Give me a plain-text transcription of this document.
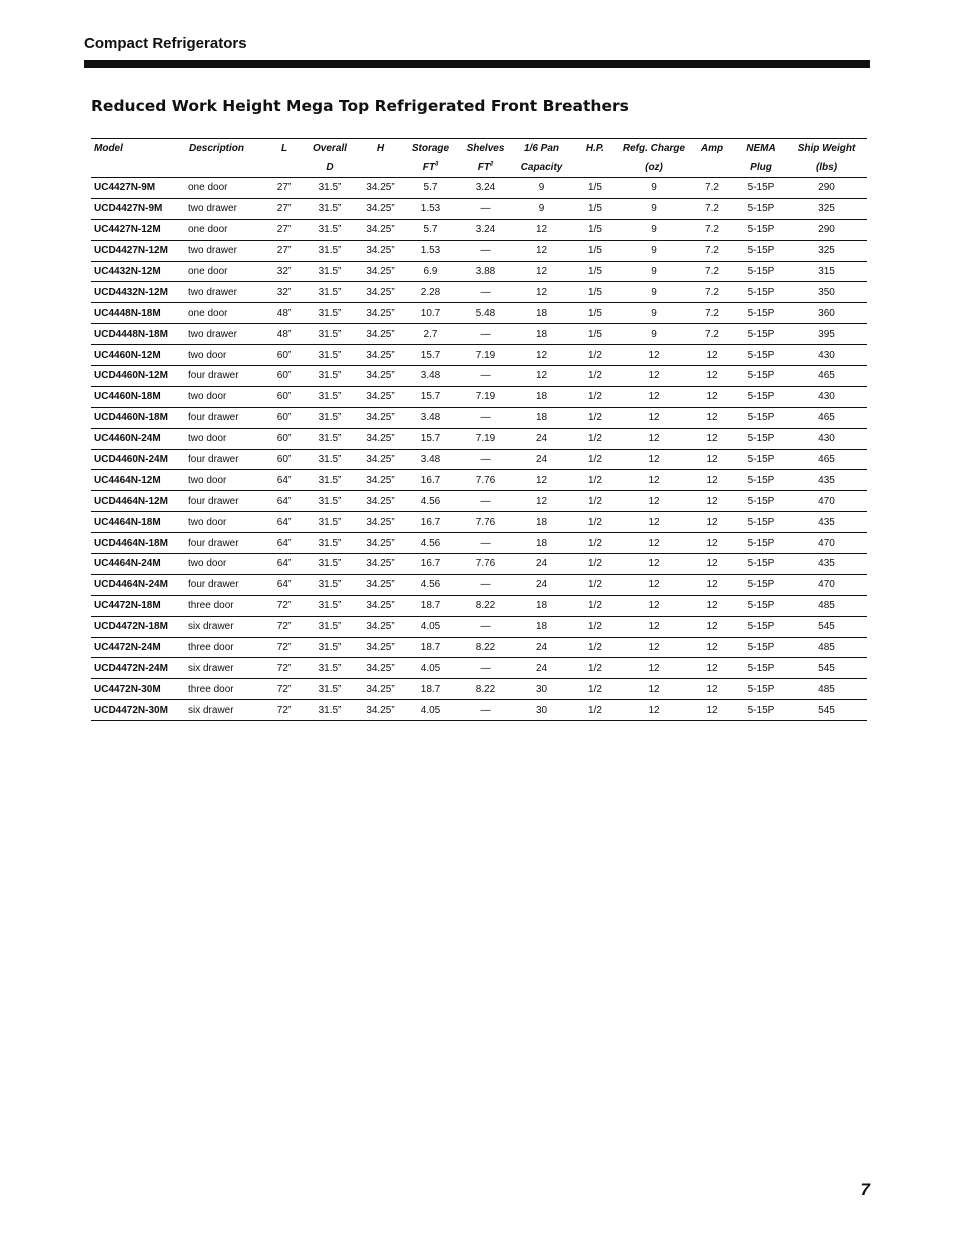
Compact Refrigerators
Reduced Work Height Mega Top Refrigerated Front Breathers
Model	Description	L	Overall	H	Storage	Shelves	1/6 Pan	H.P.	Refg. Charge	Amp	NEMA	Ship Weight
			D		$FT^3$	$FT^2$	Capacity		(oz)		Plug	(lbs)
UC4427N-9M	one door	27”	31.5”	34.25”	5.7	3.24	9	1/5	9	7.2	5-15P	290
UCD4427N-9M	two drawer	27”	31.5”	34.25”	1.53	—	9	1/5	9	7.2	5-15P	325
UC4427N-12M	one door	27”	31.5”	34.25”	5.7	3.24	12	1/5	9	7.2	5-15P	290
UCD4427N-12M	two drawer	27”	31.5”	34.25”	1.53	—	12	1/5	9	7.2	5-15P	325
UC4432N-12M	one door	32”	31.5”	34.25”	6.9	3.88	12	1/5	9	7.2	5-15P	315
UCD4432N-12M	two drawer	32”	31.5”	34.25”	2.28	—	12	1/5	9	7.2	5-15P	350
UC4448N-18M	one door	48”	31.5”	34.25”	10.7	5.48	18	1/5	9	7.2	5-15P	360
UCD4448N-18M	two drawer	48”	31.5”	34.25”	2.7	—	18	1/5	9	7.2	5-15P	395
UC4460N-12M	two door	60”	31.5”	34.25”	15.7	7.19	12	1/2	12	12	5-15P	430
UCD4460N-12M	four drawer	60”	31.5”	34.25”	3.48	—	12	1/2	12	12	5-15P	465
UC4460N-18M	two door	60”	31.5”	34.25”	15.7	7.19	18	1/2	12	12	5-15P	430
UCD4460N-18M	four drawer	60”	31.5”	34.25”	3.48	—	18	1/2	12	12	5-15P	465
UC4460N-24M	two door	60”	31.5”	34.25”	15.7	7.19	24	1/2	12	12	5-15P	430
UCD4460N-24M	four drawer	60”	31.5”	34.25”	3.48	—	24	1/2	12	12	5-15P	465
UC4464N-12M	two door	64”	31.5”	34.25”	16.7	7.76	12	1/2	12	12	5-15P	435
UCD4464N-12M	four drawer	64”	31.5”	34.25”	4.56	—	12	1/2	12	12	5-15P	470
UC4464N-18M	two door	64”	31.5”	34.25”	16.7	7.76	18	1/2	12	12	5-15P	435
UCD4464N-18M	four drawer	64”	31.5”	34.25”	4.56	—	18	1/2	12	12	5-15P	470
UC4464N-24M	two door	64”	31.5”	34.25”	16.7	7.76	24	1/2	12	12	5-15P	435
UCD4464N-24M	four drawer	64”	31.5”	34.25”	4.56	—	24	1/2	12	12	5-15P	470
UC4472N-18M	three door	72”	31.5”	34.25”	18.7	8.22	18	1/2	12	12	5-15P	485
UCD4472N-18M	six drawer	72”	31.5”	34.25”	4.05	—	18	1/2	12	12	5-15P	545
UC4472N-24M	three door	72”	31.5”	34.25”	18.7	8.22	24	1/2	12	12	5-15P	485
UCD4472N-24M	six drawer	72”	31.5”	34.25”	4.05	—	24	1/2	12	12	5-15P	545
UC4472N-30M	three door	72”	31.5”	34.25”	18.7	8.22	30	1/2	12	12	5-15P	485
UCD4472N-30M	six drawer	72”	31.5”	34.25”	4.05	—	30	1/2	12	12	5-15P	545
7
